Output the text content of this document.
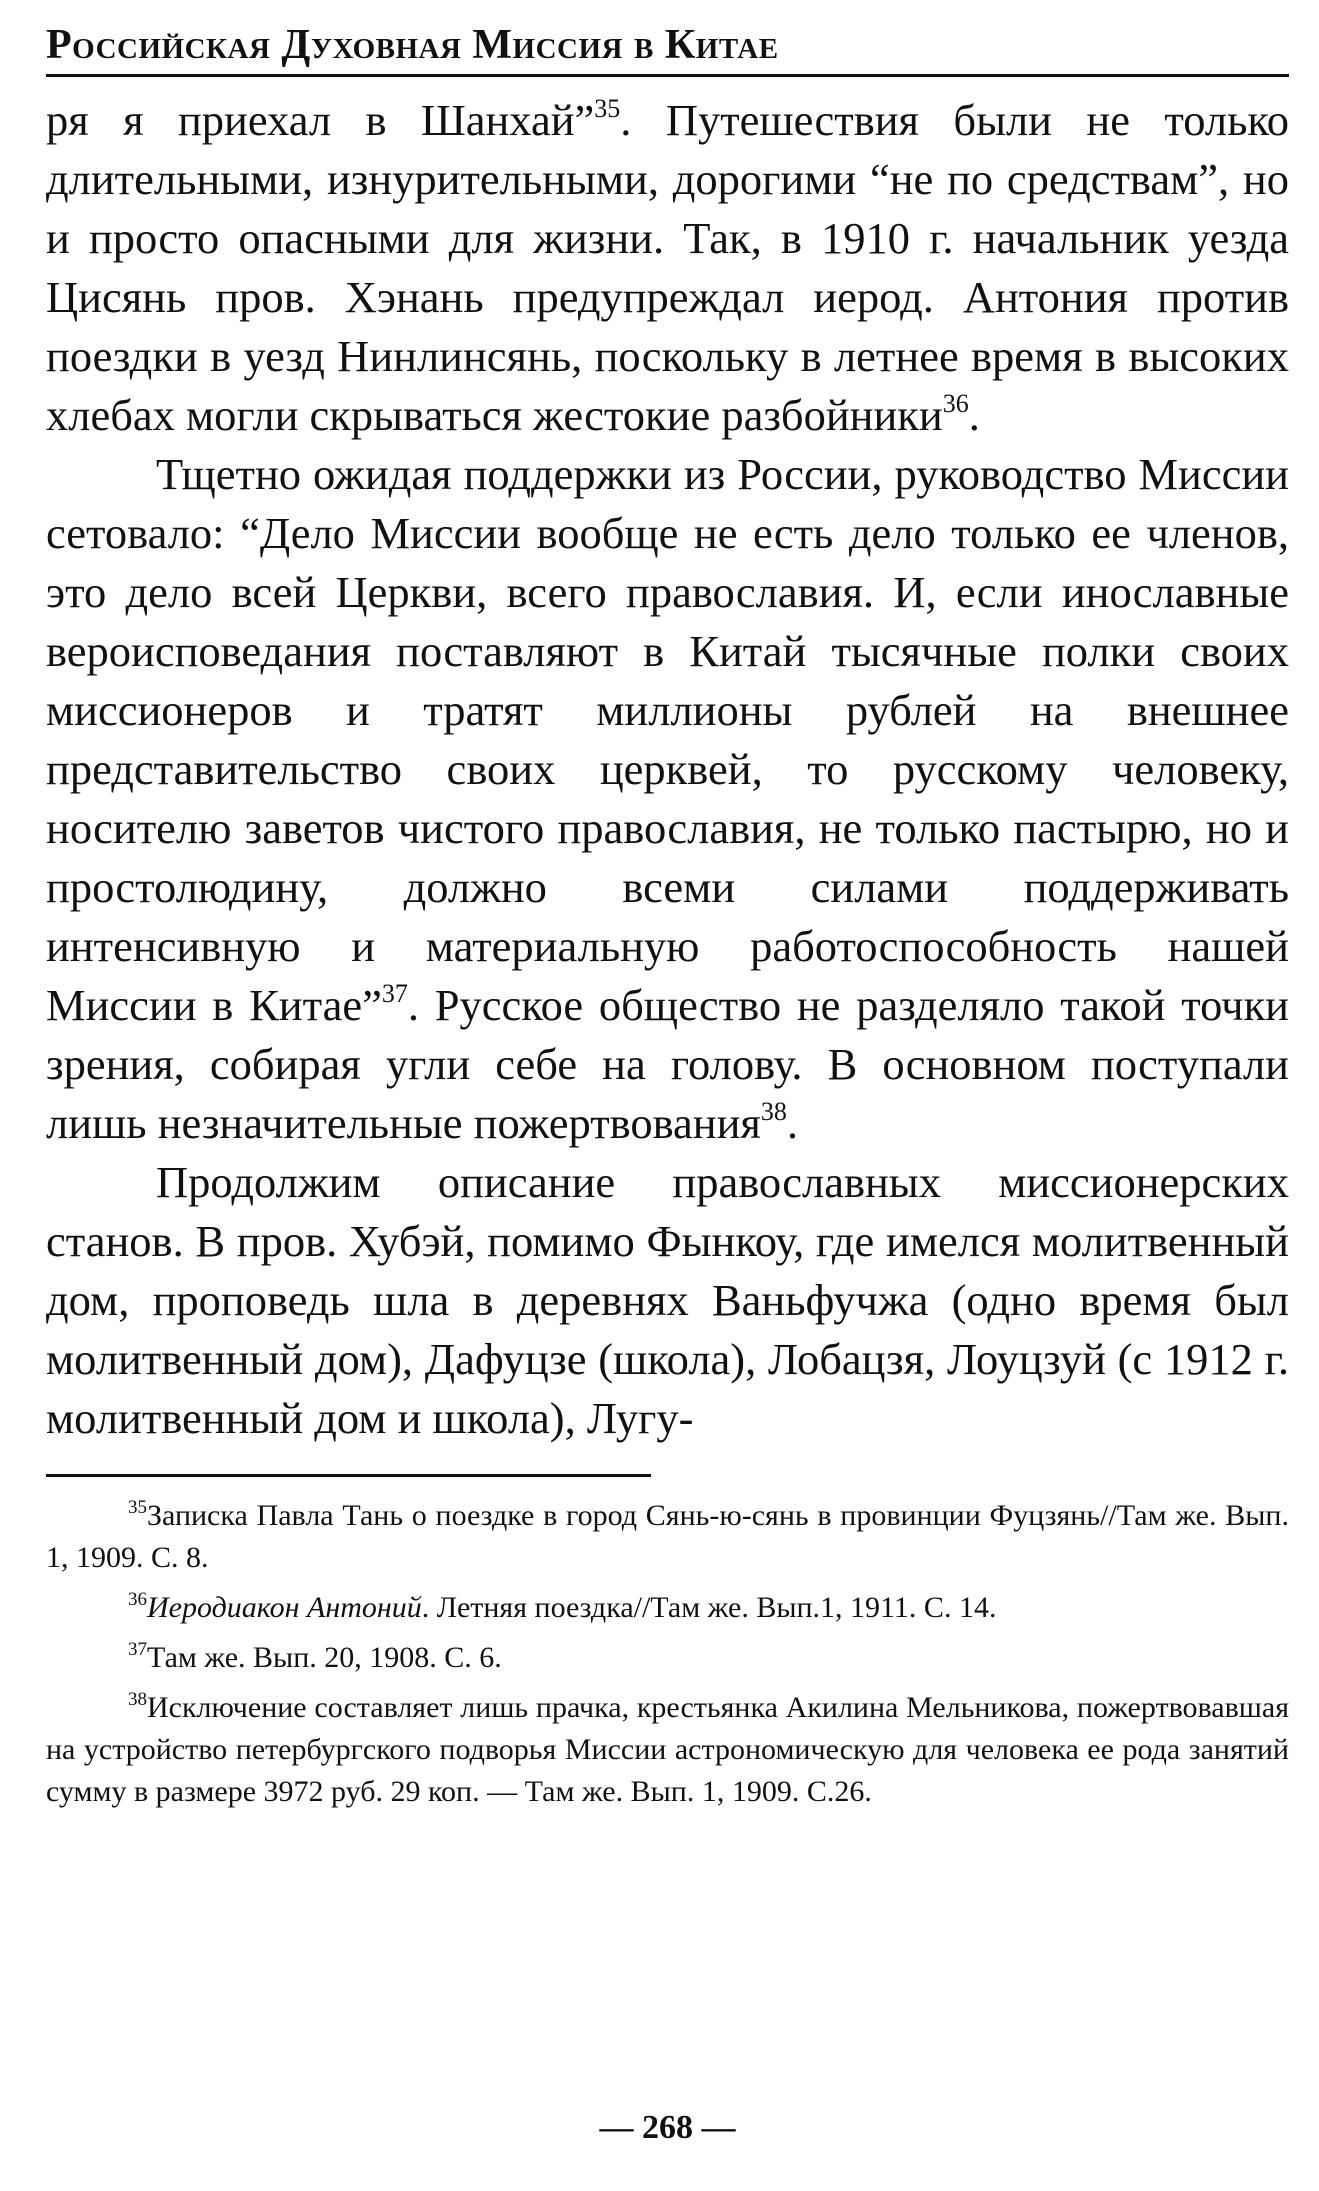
Российская Духовная Миссия в Китае

ря я приехал в Шанхай”$^{35}$. Путешествия были не только длительными, изнурительными, дорогими “не по средствам”, но и просто опасными для жизни. Так, в 1910 г. начальник уезда Цисянь пров. Хэнань предупреждал иерод. Антония против поездки в уезд Нинлинсянь, поскольку в летнее время в высоких хлебах могли скрываться жестокие разбойники$^{36}$.

Тщетно ожидая поддержки из России, руководство Миссии сетовало: “Дело Миссии вообще не есть дело только ее членов, это дело всей Церкви, всего православия. И, если инославные вероисповедания поставляют в Китай тысячные полки своих миссионеров и тратят миллионы рублей на внешнее представительство своих церквей, то русскому человеку, носителю заветов чистого православия, не только пастырю, но и простолюдину, должно всеми силами поддерживать интенсивную и материальную работоспособность нашей Миссии в Китае”$^{37}$. Русское общество не разделяло такой точки зрения, собирая угли себе на голову. В основном поступали лишь незначительные пожертвования$^{38}$.

Продолжим описание православных миссионерских станов. В пров. Хубэй, помимо Фынкоу, где имелся молитвенный дом, проповедь шла в деревнях Ваньфучжа (одно время был молитвенный дом), Дафуцзе (школа), Лобацзя, Лоуцзуй (с 1912 г. молитвенный дом и школа), Лугу-

$^{35}$Записка Павла Тань о поездке в город Сянь-ю-сянь в провинции Фуцзянь//Там же. Вып. 1, 1909. С. 8.

$^{36}$Иеродиакон Антоний. Летняя поездка//Там же. Вып.1, 1911. С. 14.

$^{37}$Там же. Вып. 20, 1908. С. 6.

$^{38}$Исключение составляет лишь прачка, крестьянка Акилина Мельникова, пожертвовавшая на устройство петербургского подворья Миссии астрономическую для человека ее рода занятий сумму в размере 3972 руб. 29 коп. — Там же. Вып. 1, 1909. С.26.

— 268 —
